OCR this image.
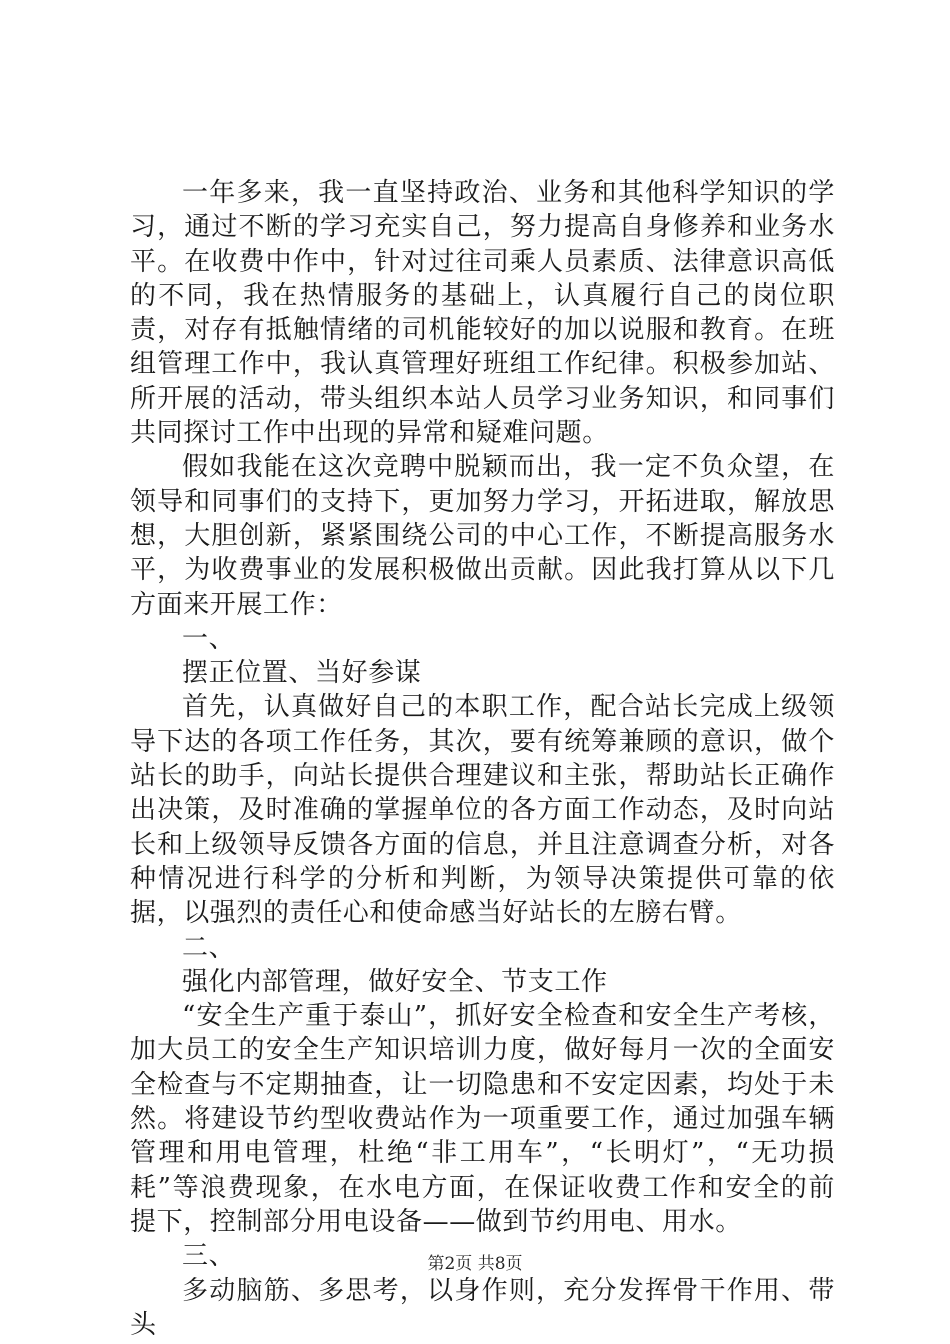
一年多来，我一直坚持政治、业务和其他科学知识的学习，通过不断的学习充实自己，努力提高自身修养和业务水平。在收费中作中，针对过往司乘人员素质、法律意识高低的不同，我在热情服务的基础上，认真履行自己的岗位职责，对存有抵触情绪的司机能较好的加以说服和教育。在班组管理工作中，我认真管理好班组工作纪律。积极参加站、所开展的活动，带头组织本站人员学习业务知识，和同事们共同探讨工作中出现的异常和疑难问题。

假如我能在这次竞聘中脱颖而出，我一定不负众望，在领导和同事们的支持下，更加努力学习，开拓进取，解放思想，大胆创新，紧紧围绕公司的中心工作，不断提高服务水平，为收费事业的发展积极做出贡献。因此我打算从以下几方面来开展工作：

一、

摆正位置、当好参谋

首先，认真做好自己的本职工作，配合站长完成上级领导下达的各项工作任务，其次，要有统筹兼顾的意识，做个站长的助手，向站长提供合理建议和主张，帮助站长正确作出决策，及时准确的掌握单位的各方面工作动态，及时向站长和上级领导反馈各方面的信息，并且注意调查分析，对各种情况进行科学的分析和判断，为领导决策提供可靠的依据，以强烈的责任心和使命感当好站长的左膀右臂。

二、

强化内部管理，做好安全、节支工作

“安全生产重于泰山”，抓好安全检查和安全生产考核，加大员工的安全生产知识培训力度，做好每月一次的全面安全检查与不定期抽查，让一切隐患和不安定因素，均处于未然。将建设节约型收费站作为一项重要工作，通过加强车辆管理和用电管理，杜绝“非工用车”，“长明灯”，“无功损耗”等浪费现象，在水电方面，在保证收费工作和安全的前提下，控制部分用电设备——做到节约用电、用水。

三、

多动脑筋、多思考，以身作则，充分发挥骨干作用、带头

第2页 共8页
